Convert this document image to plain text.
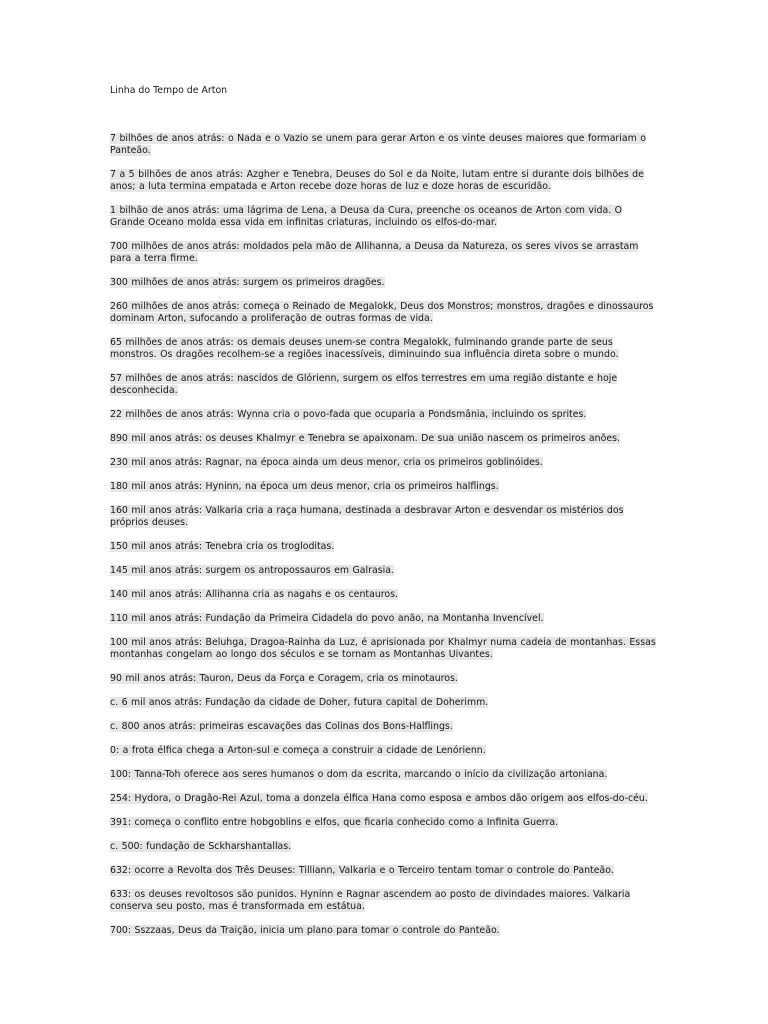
Linha do Tempo de Arton

7 bilhões de anos atrás: o Nada e o Vazio se unem para gerar Arton e os vinte deuses maiores que formariam o Panteão.

7 a 5 bilhões de anos atrás: Azgher e Tenebra, Deuses do Sol e da Noite, lutam entre si durante dois bilhões de anos; a luta termina empatada e Arton recebe doze horas de luz e doze horas de escuridão.

1 bilhão de anos atrás: uma lágrima de Lena, a Deusa da Cura, preenche os oceanos de Arton com vida. O Grande Oceano molda essa vida em infinitas criaturas, incluindo os elfos-do-mar.

700 milhões de anos atrás: moldados pela mão de Allihanna, a Deusa da Natureza, os seres vivos se arrastam para a terra firme.

300 milhões de anos atrás: surgem os primeiros dragões.

260 milhões de anos atrás: começa o Reinado de Megalokk, Deus dos Monstros; monstros, dragões e dinossauros dominam Arton, sufocando a proliferação de outras formas de vida.

65 milhões de anos atrás: os demais deuses unem-se contra Megalokk, fulminando grande parte de seus monstros. Os dragões recolhem-se a regiões inacessíveis, diminuindo sua influência direta sobre o mundo.

57 milhões de anos atrás: nascidos de Glórienn, surgem os elfos terrestres em uma região distante e hoje desconhecida.

22 milhões de anos atrás: Wynna cria o povo-fada que ocuparia a Pondsmânia, incluindo os sprites.

890 mil anos atrás: os deuses Khalmyr e Tenebra se apaixonam. De sua união nascem os primeiros anões.

230 mil anos atrás: Ragnar, na época ainda um deus menor, cria os primeiros goblinóides.

180 mil anos atrás: Hyninn, na época um deus menor, cria os primeiros halflings.

160 mil anos atrás: Valkaria cria a raça humana, destinada a desbravar Arton e desvendar os mistérios dos próprios deuses.

150 mil anos atrás: Tenebra cria os trogloditas.

145 mil anos atrás: surgem os antropossauros em Galrasia.

140 mil anos atrás: Allihanna cria as nagahs e os centauros.

110 mil anos atrás: Fundação da Primeira Cidadela do povo anão, na Montanha Invencível.

100 mil anos atrás: Beluhga, Dragoa-Rainha da Luz, é aprisionada por Khalmyr numa cadeia de montanhas. Essas montanhas congelam ao longo dos séculos e se tornam as Montanhas Uivantes.

90 mil anos atrás: Tauron, Deus da Força e Coragem, cria os minotauros.

c. 6 mil anos atrás: Fundação da cidade de Doher, futura capital de Doherimm.

c. 800 anos atrás: primeiras escavações das Colinas dos Bons-Halflings.

0: a frota élfica chega a Arton-sul e começa a construir a cidade de Lenórienn.

100: Tanna-Toh oferece aos seres humanos o dom da escrita, marcando o início da civilização artoniana.

254: Hydora, o Dragão-Rei Azul, toma a donzela élfica Hana como esposa e ambos dão origem aos elfos-do-céu.

391: começa o conflito entre hobgoblins e elfos, que ficaria conhecido como a Infinita Guerra.

c. 500: fundação de Sckharshantallas.

632: ocorre a Revolta dos Três Deuses: Tilliann, Valkaria e o Terceiro tentam tomar o controle do Panteão.

633: os deuses revoltosos são punidos. Hyninn e Ragnar ascendem ao posto de divindades maiores. Valkaria conserva seu posto, mas é transformada em estátua.

700: Sszzaas, Deus da Traição, inicia um plano para tomar o controle do Panteão.
